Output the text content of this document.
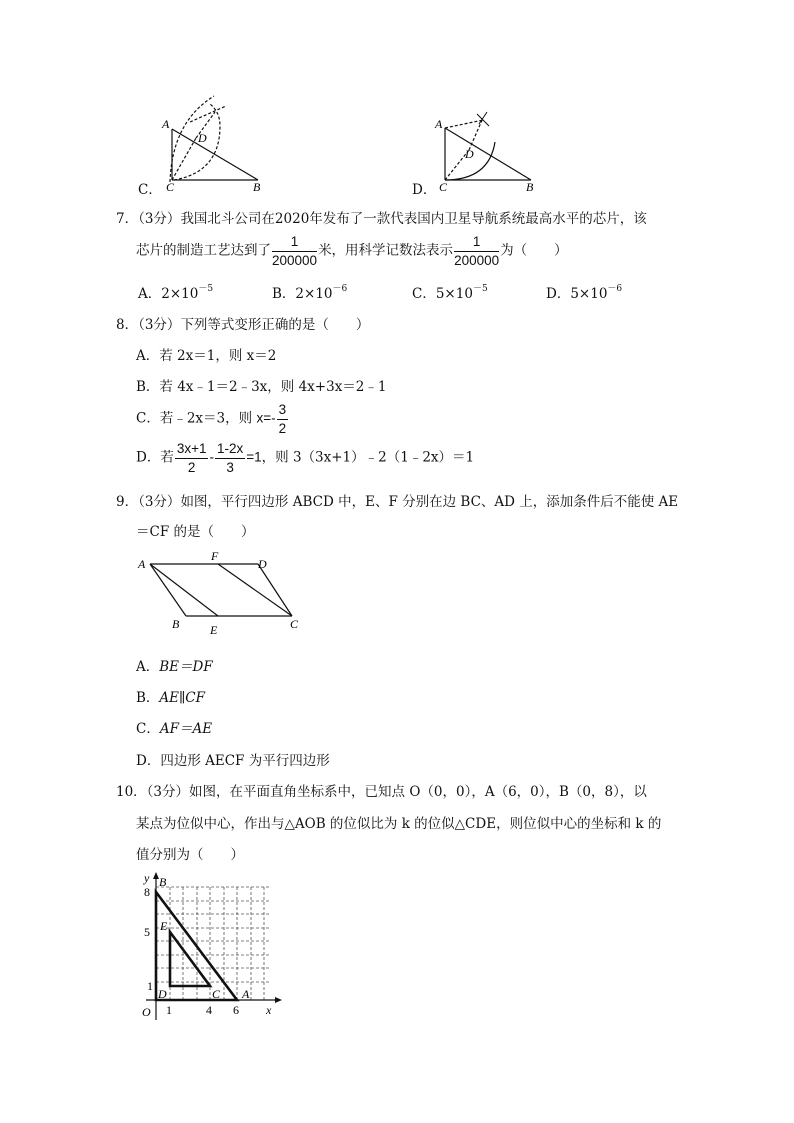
C．
A
D
C	B	D．
A
D
C	B
7．（3分）我国北斗公司在2020年发布了一款代表国内卫星导航系统最高水平的芯片，该
芯片的制造工艺达到了 $\frac{1}{200000}$ 米，用科学记数法表示 $\frac{1}{200000}$ 为（　　）
A．$2\times 10^{-5}$	B．$2\times 10^{-6}$	C．$5\times 10^{-5}$	D．$5\times 10^{-6}$
8．（3分）下列等式变形正确的是（　　）
A．若 2x＝1，则 x＝2
B．若 4x﹣1＝2﹣3x，则 4x+3x＝2﹣1
C．若﹣2x＝3，则 $x=- \frac{3}{2}$
D．若 $\frac{3x+1}{2} - \frac{1-2x}{3} =1$，则 3（3x+1）﹣2（1﹣2x）＝1
9．（3分）如图，平行四边形 ABCD 中，E、F 分别在边 BC、AD 上，添加条件后不能使 AE
＝CF 的是（　　）
A
F
D
B	E	C
A．BE＝DF
B．AE∥CF
C．AF＝AE
D．四边形 AECF 为平行四边形
10．（3分）如图，在平面直角坐标系中，已知点 O（0，0），A（6，0），B（0，8），以
某点为位似中心，作出与△AOB 的位似比为 k 的位似△CDE，则位似中心的坐标和 k 的
值分别为（　　）
y
x
O
B
E
D	C A
8
5
1
1	4 6
